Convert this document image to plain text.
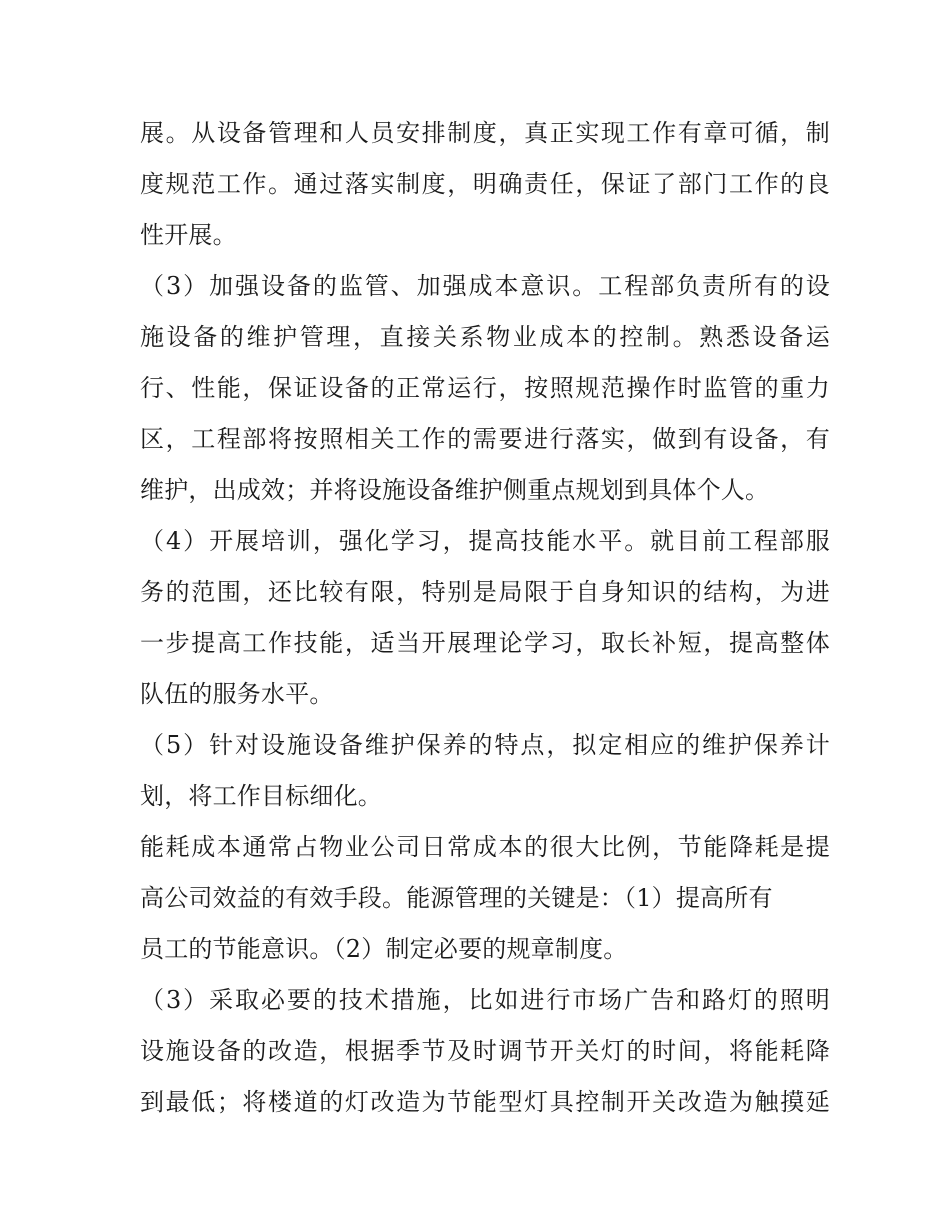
展。从设备管理和人员安排制度，真正实现工作有章可循，制
度规范工作。通过落实制度，明确责任，保证了部门工作的良
性开展。
（3）加强设备的监管、加强成本意识。工程部负责所有的设
施设备的维护管理，直接关系物业成本的控制。熟悉设备运
行、性能，保证设备的正常运行，按照规范操作时监管的重力
区，工程部将按照相关工作的需要进行落实，做到有设备，有
维护，出成效；并将设施设备维护侧重点规划到具体个人。
（4）开展培训，强化学习，提高技能水平。就目前工程部服
务的范围，还比较有限，特别是局限于自身知识的结构，为进
一步提高工作技能，适当开展理论学习，取长补短，提高整体
队伍的服务水平。
（5）针对设施设备维护保养的特点，拟定相应的维护保养计
划，将工作目标细化。
能耗成本通常占物业公司日常成本的很大比例，节能降耗是提
高公司效益的有效手段。能源管理的关键是：（1）提高所有
员工的节能意识。（2）制定必要的规章制度。
（3）采取必要的技术措施，比如进行市场广告和路灯的照明
设施设备的改造，根据季节及时调节开关灯的时间，将能耗降
到最低；将楼道的灯改造为节能型灯具控制开关改造为触摸延
